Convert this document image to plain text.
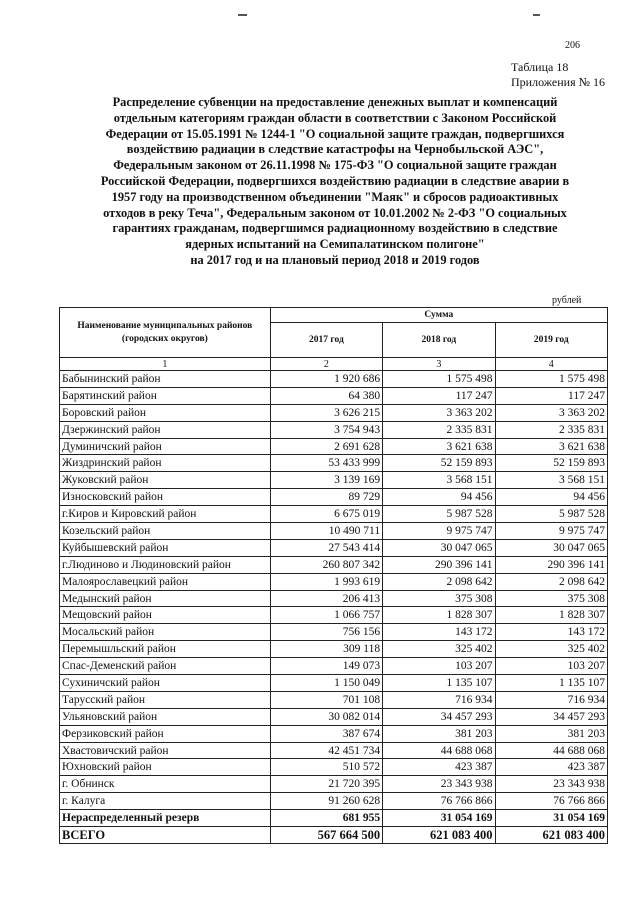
206
Таблица 18
Приложения № 16
Распределение субвенции на предоставление денежных выплат и компенсаций
отдельным категориям граждан области в соответствии с Законом Российской
Федерации от 15.05.1991 № 1244-1 "О социальной защите граждан, подвергшихся
воздействию радиации в следствие катастрофы на Чернобыльской АЭС",
Федеральным законом от 26.11.1998 № 175-ФЗ "О социальной защите граждан
Российской Федерации, подвергшихся воздействию радиации в следствие аварии в
1957 году на производственном объединении "Маяк" и сбросов радиоактивных
отходов в реку Теча", Федеральным законом от 10.01.2002 № 2-ФЗ "О социальных
гарантиях гражданам, подвергшимся радиационному воздействию в следствие
ядерных испытаний на Семипалатинском полигоне"
на 2017 год и на плановый период 2018 и 2019 годов
рублей
Наименование муниципальных районов (городских округов)	Сумма		
	2017 год	2018 год	2019 год
1	2	3	4
Бабынинский район	1 920 686	1 575 498	1 575 498
Барятинский район	64 380	117 247	117 247
Боровский район	3 626 215	3 363 202	3 363 202
Дзержинский район	3 754 943	2 335 831	2 335 831
Думиничский район	2 691 628	3 621 638	3 621 638
Жиздринский район	53 433 999	52 159 893	52 159 893
Жуковский район	3 139 169	3 568 151	3 568 151
Износковский район	89 729	94 456	94 456
г.Киров и Кировский район	6 675 019	5 987 528	5 987 528
Козельский район	10 490 711	9 975 747	9 975 747
Куйбышевский район	27 543 414	30 047 065	30 047 065
г.Людиново и Людиновский район	260 807 342	290 396 141	290 396 141
Малоярославецкий район	1 993 619	2 098 642	2 098 642
Медынский район	206 413	375 308	375 308
Мещовский район	1 066 757	1 828 307	1 828 307
Мосальский район	756 156	143 172	143 172
Перемышльский район	309 118	325 402	325 402
Спас-Деменский район	149 073	103 207	103 207
Сухиничский район	1 150 049	1 135 107	1 135 107
Тарусский район	701 108	716 934	716 934
Ульяновский район	30 082 014	34 457 293	34 457 293
Ферзиковский район	387 674	381 203	381 203
Хвастовичский район	42 451 734	44 688 068	44 688 068
Юхновский район	510 572	423 387	423 387
г. Обнинск	21 720 395	23 343 938	23 343 938
г. Калуга	91 260 628	76 766 866	76 766 866
Нераспределенный резерв	681 955	31 054 169	31 054 169
ВСЕГО	567 664 500	621 083 400	621 083 400
